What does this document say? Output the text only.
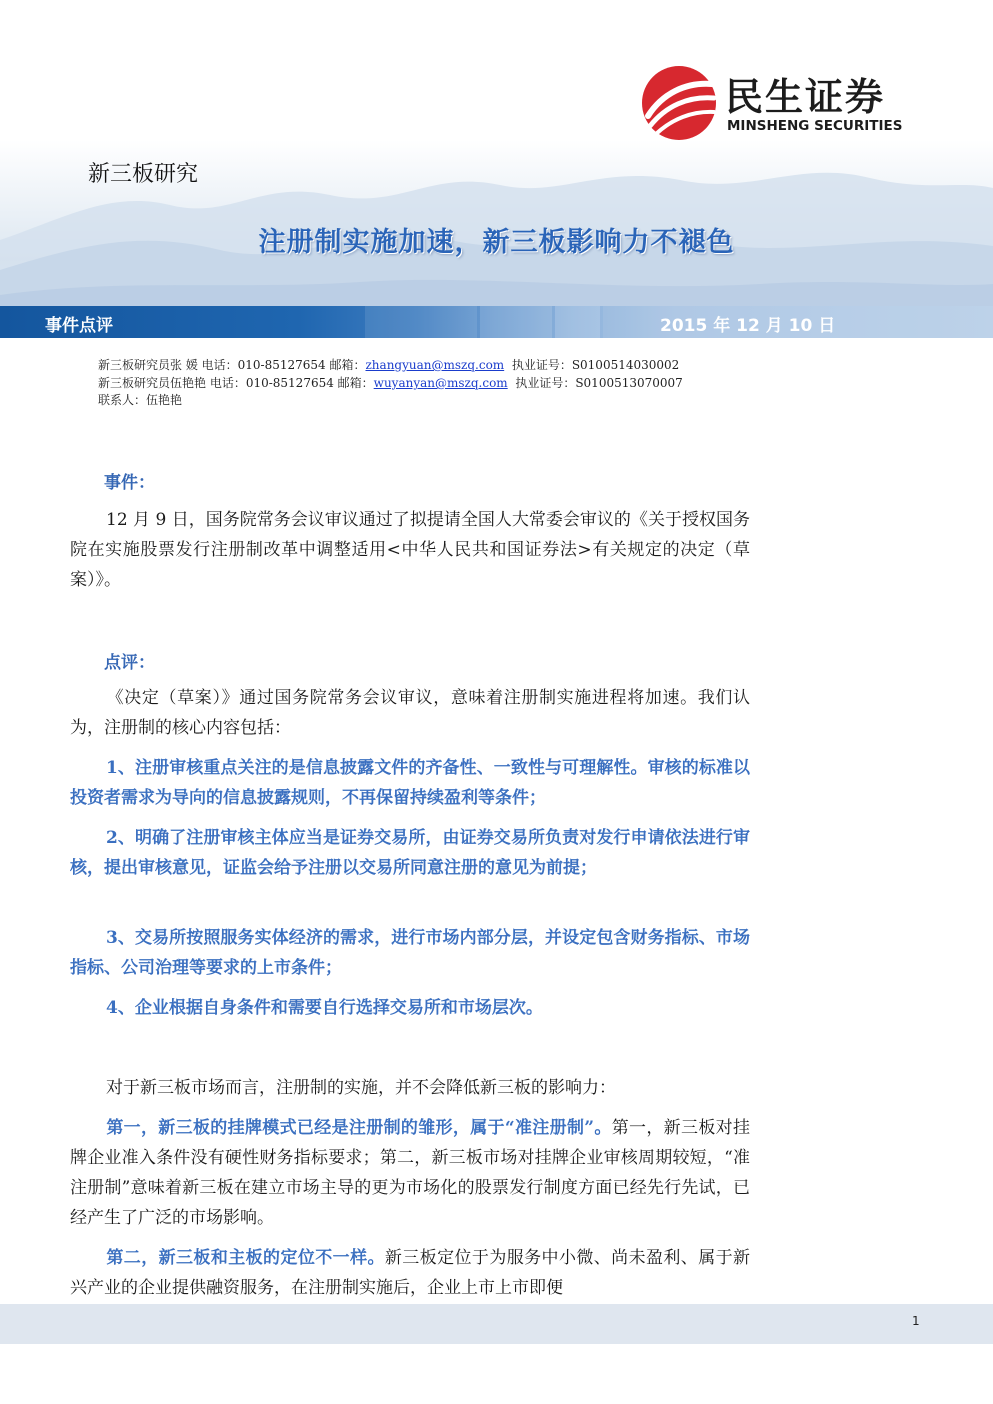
民生证券
MINSHENG SECURITIES
新三板研究
注册制实施加速，新三板影响力不褪色
事件点评	2015 年 12 月 10 日
新三板研究员张 媛 电话：010-85127654 邮箱：zhangyuan@mszq.com 执业证号：S0100514030002
新三板研究员伍艳艳 电话：010-85127654 邮箱：wuyanyan@mszq.com 执业证号：S0100513070007
联系人：伍艳艳
事件：
12 月 9 日，国务院常务会议审议通过了拟提请全国人大常委会审议的《关于授权国务院在实施股票发行注册制改革中调整适用<中华人民共和国证券法>有关规定的决定（草案）》。
点评：
《决定（草案）》通过国务院常务会议审议，意味着注册制实施进程将加速。我们认为，注册制的核心内容包括：
1、注册审核重点关注的是信息披露文件的齐备性、一致性与可理解性。审核的标准以投资者需求为导向的信息披露规则，不再保留持续盈利等条件；
2、明确了注册审核主体应当是证券交易所，由证券交易所负责对发行申请依法进行审核，提出审核意见，证监会给予注册以交易所同意注册的意见为前提；
3、交易所按照服务实体经济的需求，进行市场内部分层，并设定包含财务指标、市场指标、公司治理等要求的上市条件；
4、企业根据自身条件和需要自行选择交易所和市场层次。
对于新三板市场而言，注册制的实施，并不会降低新三板的影响力：
第一，新三板的挂牌模式已经是注册制的雏形，属于“准注册制”。第一，新三板对挂牌企业准入条件没有硬性财务指标要求；第二，新三板市场对挂牌企业审核周期较短，“准注册制”意味着新三板在建立市场主导的更为市场化的股票发行制度方面已经先行先试，已经产生了广泛的市场影响。
第二，新三板和主板的定位不一样。新三板定位于为服务中小微、尚未盈利、属于新兴产业的企业提供融资服务，在注册制实施后，企业上市上市即便
1
